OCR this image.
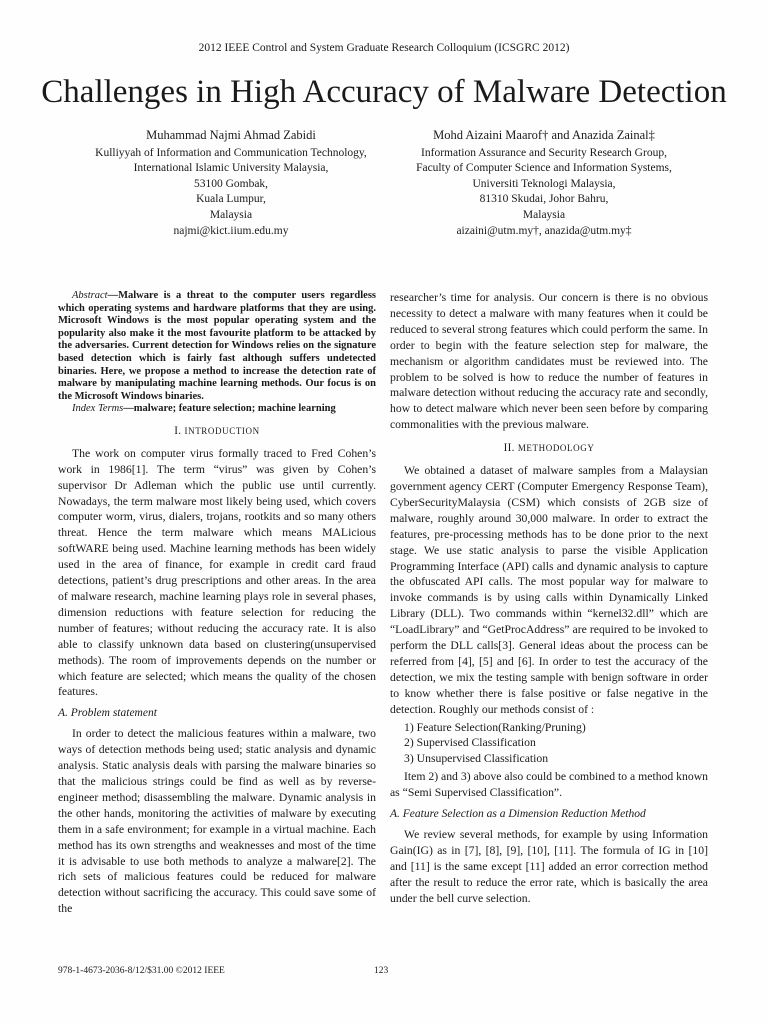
2012 IEEE Control and System Graduate Research Colloquium (ICSGRC 2012)
Challenges in High Accuracy of Malware Detection
Muhammad Najmi Ahmad Zabidi
Kulliyyah of Information and Communication Technology,
International Islamic University Malaysia,
53100 Gombak,
Kuala Lumpur,
Malaysia
najmi@kict.iium.edu.my
Mohd Aizaini Maarof† and Anazida Zainal‡
Information Assurance and Security Research Group,
Faculty of Computer Science and Information Systems,
Universiti Teknologi Malaysia,
81310 Skudai, Johor Bahru,
Malaysia
aizaini@utm.my†, anazida@utm.my‡

Abstract—Malware is a threat to the computer users regardless which operating systems and hardware platforms that they are using. Microsoft Windows is the most popular operating system and the popularity also make it the most favourite platform to be attacked by the adversaries. Current detection for Windows relies on the signature based detection which is fairly fast although suffers undetected binaries. Here, we propose a method to increase the detection rate of malware by manipulating machine learning methods. Our focus is on the Microsoft Windows binaries.

Index Terms—malware; feature selection; machine learning

I. INTRODUCTION

The work on computer virus formally traced to Fred Cohen’s work in 1986[1]. The term “virus” was given by Cohen’s supervisor Dr Adleman which the public use until currently. Nowadays, the term malware most likely being used, which covers computer worm, virus, dialers, trojans, rootkits and so many others threat. Hence the term malware which means MALicious softWARE being used. Machine learning methods has been widely used in the area of finance, for example in credit card fraud detections, patient’s drug prescriptions and other areas. In the area of malware research, machine learning plays role in several phases, dimension reductions with feature selection for reducing the number of features; without reducing the accuracy rate. It is also able to classify unknown data based on clustering(unsupervised methods). The room of improvements depends on the number or which feature are selected; which means the quality of the chosen features.

A. Problem statement

In order to detect the malicious features within a malware, two ways of detection methods being used; static analysis and dynamic analysis. Static analysis deals with parsing the malware binaries so that the malicious strings could be find as well as by reverse-engineer method; disassembling the malware. Dynamic analysis in the other hands, monitoring the activities of malware by executing them in a safe environment; for example in a virtual machine. Each method has its own strengths and weaknesses and most of the time it is advisable to use both methods to analyze a malware[2]. The rich sets of malicious features could be reduced for malware detection without sacrificing the accuracy. This could save some of the

researcher’s time for analysis. Our concern is there is no obvious necessity to detect a malware with many features when it could be reduced to several strong features which could perform the same. In order to begin with the feature selection step for malware, the mechanism or algorithm candidates must be reviewed into. The problem to be solved is how to reduce the number of features in malware detection without reducing the accuracy rate and secondly, how to detect malware which never been seen before by comparing commonalities with the previous malware.

II. METHODOLOGY

We obtained a dataset of malware samples from a Malaysian government agency CERT (Computer Emergency Response Team), CyberSecurityMalaysia (CSM) which consists of 2GB size of malware, roughly around 30,000 malware. In order to extract the features, pre-processing methods has to be done prior to the next stage. We use static analysis to parse the visible Application Programming Interface (API) calls and dynamic analysis to capture the obfuscated API calls. The most popular way for malware to invoke commands is by using calls within Dynamically Linked Library (DLL). Two commands within “kernel32.dll” which are “LoadLibrary” and “GetProcAddress” are required to be invoked to perform the DLL calls[3]. General ideas about the process can be referred from [4], [5] and [6]. In order to test the accuracy of the detection, we mix the testing sample with benign software in order to know whether there is false positive or false negative in the detection. Roughly our methods consist of :

1) Feature Selection(Ranking/Pruning)
2) Supervised Classification
3) Unsupervised Classification

Item 2) and 3) above also could be combined to a method known as “Semi Supervised Classification”.

A. Feature Selection as a Dimension Reduction Method

We review several methods, for example by using Information Gain(IG) as in [7], [8], [9], [10], [11]. The formula of IG in [10] and [11] is the same except [11] added an error correction method after the result to reduce the error rate, which is basically the area under the bell curve selection.

978-1-4673-2036-8/12/$31.00 ©2012 IEEE	123
